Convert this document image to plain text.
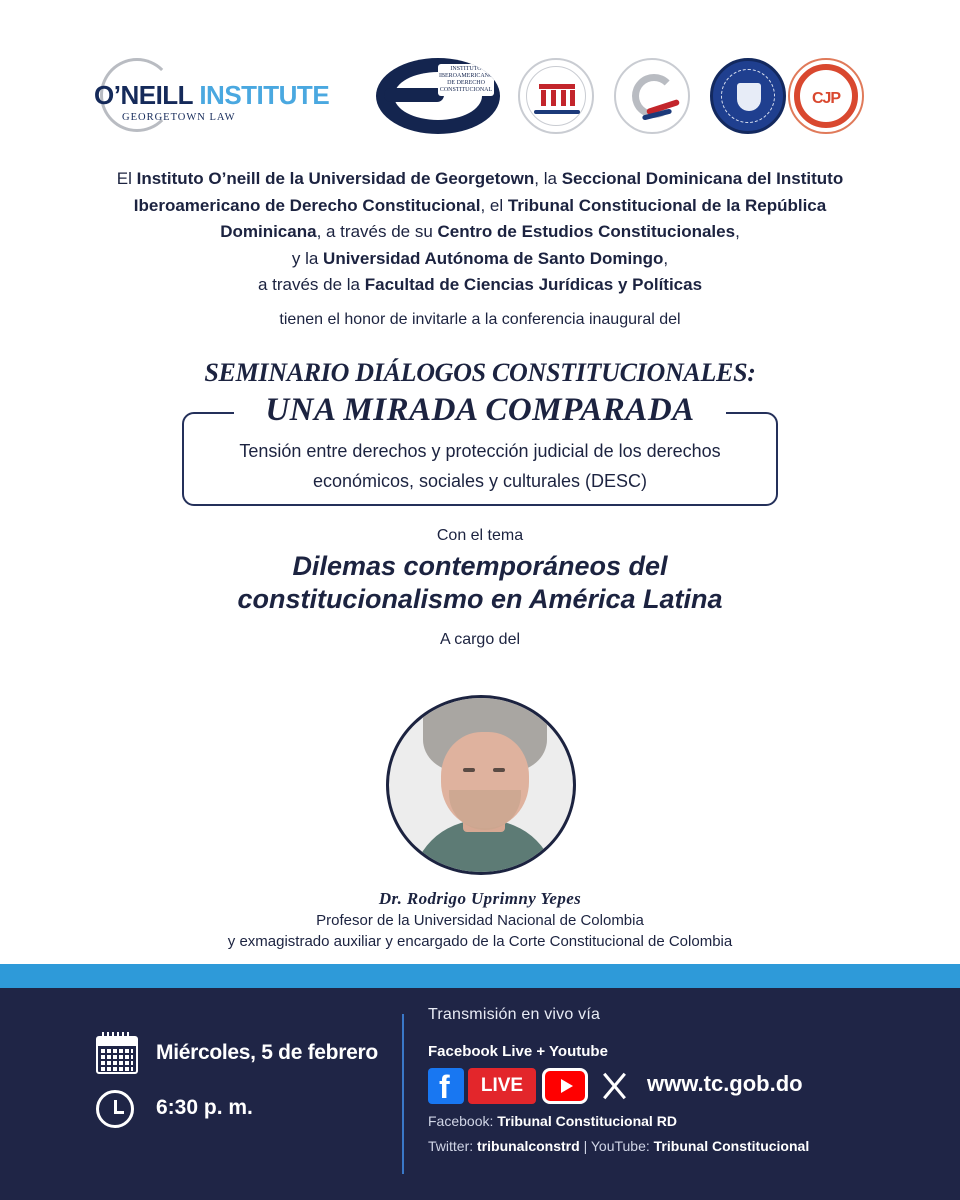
O’NEILL INSTITUTE
GEORGETOWN LAW
INSTITUTO IBEROAMERICANO DE DERECHO CONSTITUCIONAL	CJP
El Instituto O’neill de la Universidad de Georgetown, la Seccional Dominicana del Instituto
Iberoamericano de Derecho Constitucional, el Tribunal Constitucional de la República
Dominicana, a través de su Centro de Estudios Constitucionales,
y la Universidad Autónoma de Santo Domingo,
a través de la Facultad de Ciencias Jurídicas y Políticas
tienen el honor de invitarle a la conferencia inaugural del
SEMINARIO DIÁLOGOS CONSTITUCIONALES:
Tensión entre derechos y protección judicial de los derechos
económicos, sociales y culturales (DESC)
UNA MIRADA COMPARADA
Con el tema
Dilemas contemporáneos del
constitucionalismo en América Latina
A cargo del
Dr. Rodrigo Uprimny Yepes
Profesor de la Universidad Nacional de Colombia
y exmagistrado auxiliar y encargado de la Corte Constitucional de Colombia
Miércoles, 5 de febrero
6:30 p. m.
Transmisión en vivo vía
Facebook Live + Youtube
f	LIVE	www.tc.gob.do
Facebook: Tribunal Constitucional RD
Twitter: tribunalconstrd | YouTube: Tribunal Constitucional
